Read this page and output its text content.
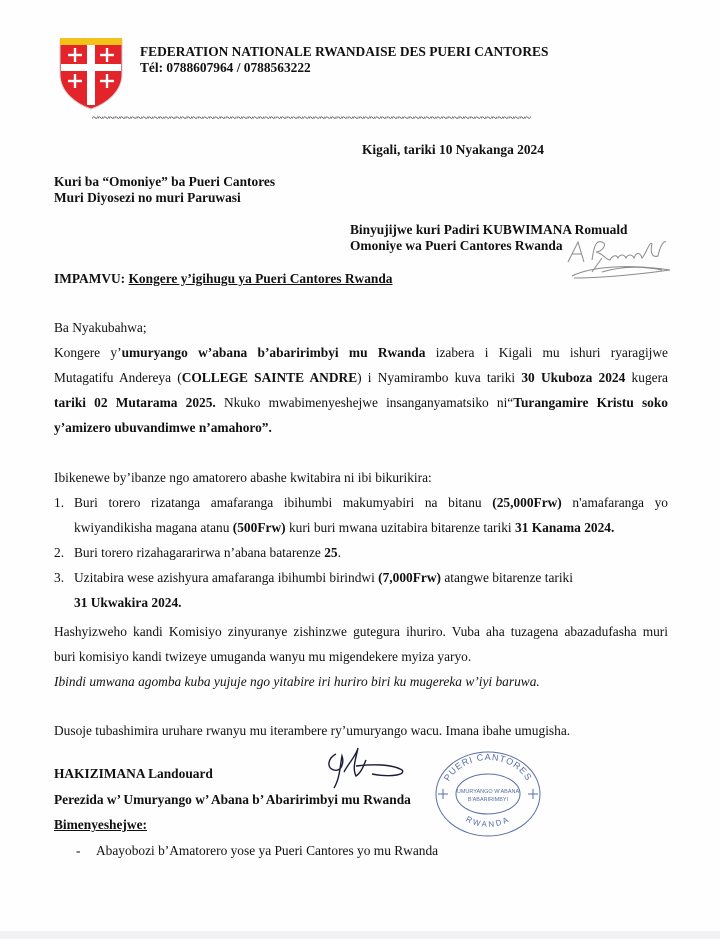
FEDERATION NATIONALE RWANDAISE DES PUERI CANTORES
Tél: 0788607964 / 0788563222
~~~~~~~~~~~~~~~~~~~~~~~~~~~~~~~~~~~~~~~~~~~~~~~~~~~~~~~~~~~~~~~~~~~~~~~~~~~~~~~
Kigali, tariki 10 Nyakanga 2024
Kuri ba “Omoniye” ba Pueri Cantores
Muri Diyosezi no muri Paruwasi
Binyujijwe kuri Padiri KUBWIMANA Romuald
Omoniye wa Pueri Cantores Rwanda
IMPAMVU: Kongere y’igihugu ya Pueri Cantores Rwanda
Ba Nyakubahwa;
Kongere y’umuryango w’abana b’abaririmbyi mu Rwanda izabera i Kigali mu ishuri ryaragijwe
Mutagatifu Andereya (COLLEGE SAINTE ANDRE) i Nyamirambo kuva tariki 30 Ukuboza 2024 kugera
tariki 02 Mutarama 2025. Nkuko mwabimenyeshejwe insanganyamatsiko ni“Turangamire Kristu soko
y’amizero ubuvandimwe n’amahoro”.
Ibikenewe by’ibanze ngo amatorero abashe kwitabira ni ibi bikurikira:
1. Buri torero rizatanga amafaranga ibihumbi makumyabiri na bitanu (25,000Frw) n'amafaranga yo
kwiyandikisha magana atanu (500Frw) kuri buri mwana uzitabira bitarenze tariki 31 Kanama 2024.
2. Buri torero rizahagararirwa n’abana batarenze 25.
3. Uzitabira wese azishyura amafaranga ibihumbi birindwi (7,000Frw) atangwe bitarenze tariki
31 Ukwakira 2024.
Hashyizweho kandi Komisiyo zinyuranye zishinzwe gutegura ihuriro. Vuba aha tuzagena abazadufasha muri
buri komisiyo kandi twizeye umuganda wanyu mu migendekere myiza yaryo.
Ibindi umwana agomba kuba yujuje ngo yitabire iri huriro biri ku mugereka w’iyi baruwa.
Dusoje tubashimira uruhare rwanyu mu iterambere ry’umuryango wacu. Imana ibahe umugisha.
HAKIZIMANA Landouard
Perezida w’ Umuryango w’ Abana b’ Abaririmbyi mu Rwanda
PUERI CANTORES
RWANDA
UMURYANGO W'ABANA
B'ABARIRIMBYI
Bimenyeshejwe:
- Abayobozi b’Amatorero yose ya Pueri Cantores yo mu Rwanda
